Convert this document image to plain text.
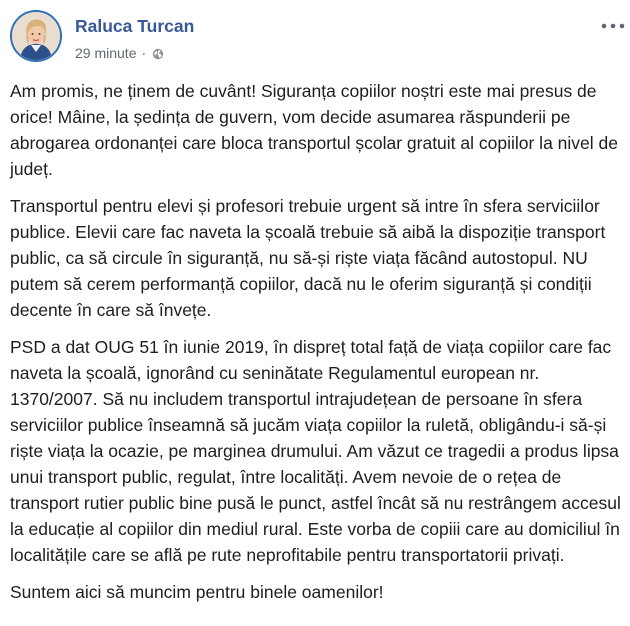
Raluca Turcan
29 minute ·

Am promis, ne ținem de cuvânt! Siguranța copiilor noștri este mai presus de orice! Mâine, la ședința de guvern, vom decide asumarea răspunderii pe abrogarea ordonanței care bloca transportul școlar gratuit al copiilor la nivel de județ.

Transportul pentru elevi și profesori trebuie urgent să intre în sfera serviciilor publice. Elevii care fac naveta la școală trebuie să aibă la dispoziție transport public, ca să circule în siguranță, nu să-și riște viața făcând autostopul. NU putem să cerem performanță copiilor, dacă nu le oferim siguranță și condiții decente în care să învețe.

PSD a dat OUG 51 în iunie 2019, în dispreț total față de viața copiilor care fac naveta la școală, ignorând cu seninătate Regulamentul european nr. 1370/2007. Să nu includem transportul intrajudețean de persoane în sfera serviciilor publice înseamnă să jucăm viața copiilor la ruletă, obligându-i să-și riște viața la ocazie, pe marginea drumului. Am văzut ce tragedii a produs lipsa unui transport public, regulat, între localități. Avem nevoie de o rețea de transport rutier public bine pusă le punct, astfel încât să nu restrângem accesul la educație al copiilor din mediul rural. Este vorba de copiii care au domiciliul în localitățile care se află pe rute neprofitabile pentru transportatorii privați.

Suntem aici să muncim pentru binele oamenilor!
